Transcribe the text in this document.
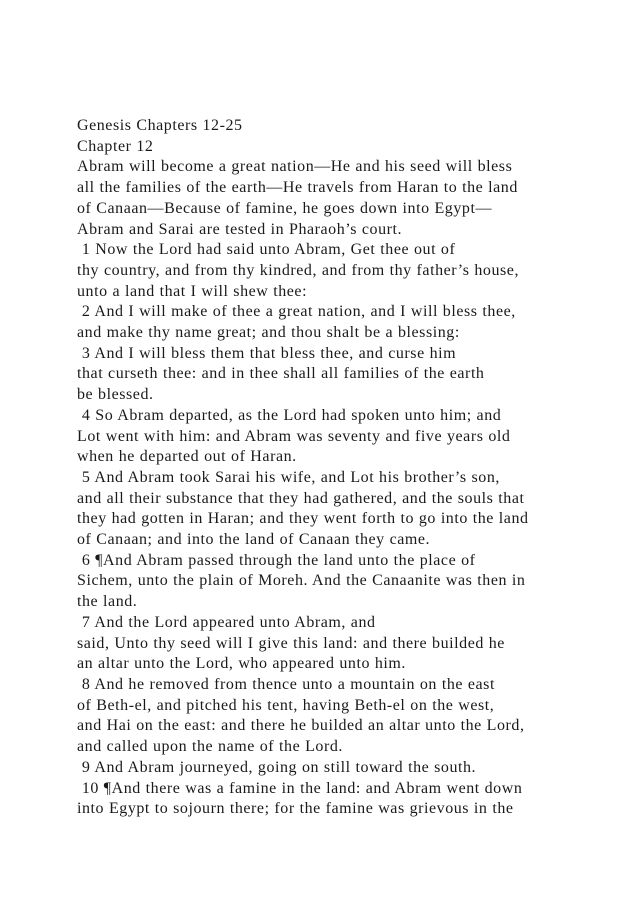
Genesis Chapters 12-25
Chapter 12
Abram will become a great nation—He and his seed will bless
all the families of the earth—He travels from Haran to the land
of Canaan—Because of famine, he goes down into Egypt—
Abram and Sarai are tested in Pharaoh’s court.
1 Now the Lord had said unto Abram, Get thee out of
thy country, and from thy kindred, and from thy father’s house,
unto a land that I will shew thee:
2 And I will make of thee a great nation, and I will bless thee,
and make thy name great; and thou shalt be a blessing:
3 And I will bless them that bless thee, and curse him
that curseth thee: and in thee shall all families of the earth
be blessed.
4 So Abram departed, as the Lord had spoken unto him; and
Lot went with him: and Abram was seventy and five years old
when he departed out of Haran.
5 And Abram took Sarai his wife, and Lot his brother’s son,
and all their substance that they had gathered, and the souls that
they had gotten in Haran; and they went forth to go into the land
of Canaan; and into the land of Canaan they came.
6 ¶And Abram passed through the land unto the place of
Sichem, unto the plain of Moreh. And the Canaanite was then in
the land.
7 And the Lord appeared unto Abram, and
said, Unto thy seed will I give this land: and there builded he
an altar unto the Lord, who appeared unto him.
8 And he removed from thence unto a mountain on the east
of Beth-el, and pitched his tent, having Beth-el on the west,
and Hai on the east: and there he builded an altar unto the Lord,
and called upon the name of the Lord.
9 And Abram journeyed, going on still toward the south.
10 ¶And there was a famine in the land: and Abram went down
into Egypt to sojourn there; for the famine was grievous in the
